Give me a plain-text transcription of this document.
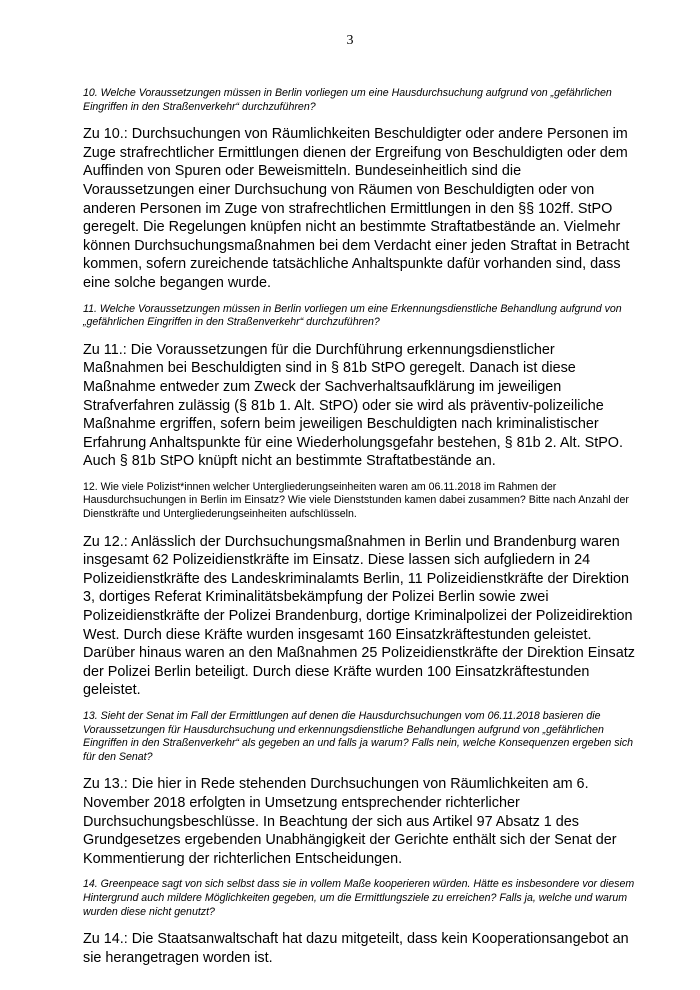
3

10. Welche Voraussetzungen müssen in Berlin vorliegen um eine Hausdurchsuchung aufgrund von „gefährlichen Eingriffen in den Straßenverkehr“ durchzuführen?

Zu 10.: Durchsuchungen von Räumlichkeiten Beschuldigter oder andere Personen im Zuge strafrechtlicher Ermittlungen dienen der Ergreifung von Beschuldigten oder dem Auffinden von Spuren oder Beweismitteln. Bundeseinheitlich sind die Voraussetzungen einer Durchsuchung von Räumen von Beschuldigten oder von anderen Personen im Zuge von strafrechtlichen Ermittlungen in den §§ 102ff. StPO geregelt. Die Regelungen knüpfen nicht an bestimmte Straftatbestände an. Vielmehr können Durchsuchungsmaßnahmen bei dem Verdacht einer jeden Straftat in Betracht kommen, sofern zureichende tatsächliche Anhaltspunkte dafür vorhanden sind, dass eine solche begangen wurde.

11. Welche Voraussetzungen müssen in Berlin vorliegen um eine Erkennungsdienstliche Behandlung aufgrund von „gefährlichen Eingriffen in den Straßenverkehr“ durchzuführen?

Zu 11.: Die Voraussetzungen für die Durchführung erkennungsdienstlicher Maßnahmen bei Beschuldigten sind in § 81b StPO geregelt. Danach ist diese Maßnahme entweder zum Zweck der Sachverhaltsaufklärung im jeweiligen Strafverfahren zulässig (§ 81b 1. Alt. StPO) oder sie wird als präventiv-polizeiliche Maßnahme ergriffen, sofern beim jeweiligen Beschuldigten nach kriminalistischer Erfahrung Anhaltspunkte für eine Wiederholungsgefahr bestehen, § 81b 2. Alt. StPO. Auch § 81b StPO knüpft nicht an bestimmte Straftatbestände an.

12. Wie viele Polizist*innen welcher Untergliederungseinheiten waren am 06.11.2018 im Rahmen der Hausdurchsuchungen in Berlin im Einsatz? Wie viele Dienststunden kamen dabei zusammen? Bitte nach Anzahl der Dienstkräfte und Untergliederungseinheiten aufschlüsseln.

Zu 12.: Anlässlich der Durchsuchungsmaßnahmen in Berlin und Brandenburg waren insgesamt 62 Polizeidienstkräfte im Einsatz. Diese lassen sich aufgliedern in 24 Polizeidienstkräfte des Landeskriminalamts Berlin, 11 Polizeidienstkräfte der Direktion 3, dortiges Referat Kriminalitätsbekämpfung der Polizei Berlin sowie zwei Polizeidienstkräfte der Polizei Brandenburg, dortige Kriminalpolizei der Polizeidirektion West. Durch diese Kräfte wurden insgesamt 160 Einsatzkräftestunden geleistet. Darüber hinaus waren an den Maßnahmen 25 Polizeidienstkräfte der Direktion Einsatz der Polizei Berlin beteiligt. Durch diese Kräfte wurden 100 Einsatzkräftestunden geleistet.

13. Sieht der Senat im Fall der Ermittlungen auf denen die Hausdurchsuchungen vom 06.11.2018 basieren die Voraussetzungen für Hausdurchsuchung und erkennungsdienstliche Behandlungen aufgrund von „gefährlichen Eingriffen in den Straßenverkehr“ als gegeben an und falls ja warum? Falls nein, welche Konsequenzen ergeben sich für den Senat?

Zu 13.: Die hier in Rede stehenden Durchsuchungen von Räumlichkeiten am 6. November 2018 erfolgten in Umsetzung entsprechender richterlicher Durchsuchungsbeschlüsse. In Beachtung der sich aus Artikel 97 Absatz 1 des Grundgesetzes ergebenden Unabhängigkeit der Gerichte enthält sich der Senat der Kommentierung der richterlichen Entscheidungen.

14. Greenpeace sagt von sich selbst dass sie in vollem Maße kooperieren würden. Hätte es insbesondere vor diesem Hintergrund auch mildere Möglichkeiten gegeben, um die Ermittlungsziele zu erreichen? Falls ja, welche und warum wurden diese nicht genutzt?

Zu 14.: Die Staatsanwaltschaft hat dazu mitgeteilt, dass kein Kooperationsangebot an sie herangetragen worden ist.
